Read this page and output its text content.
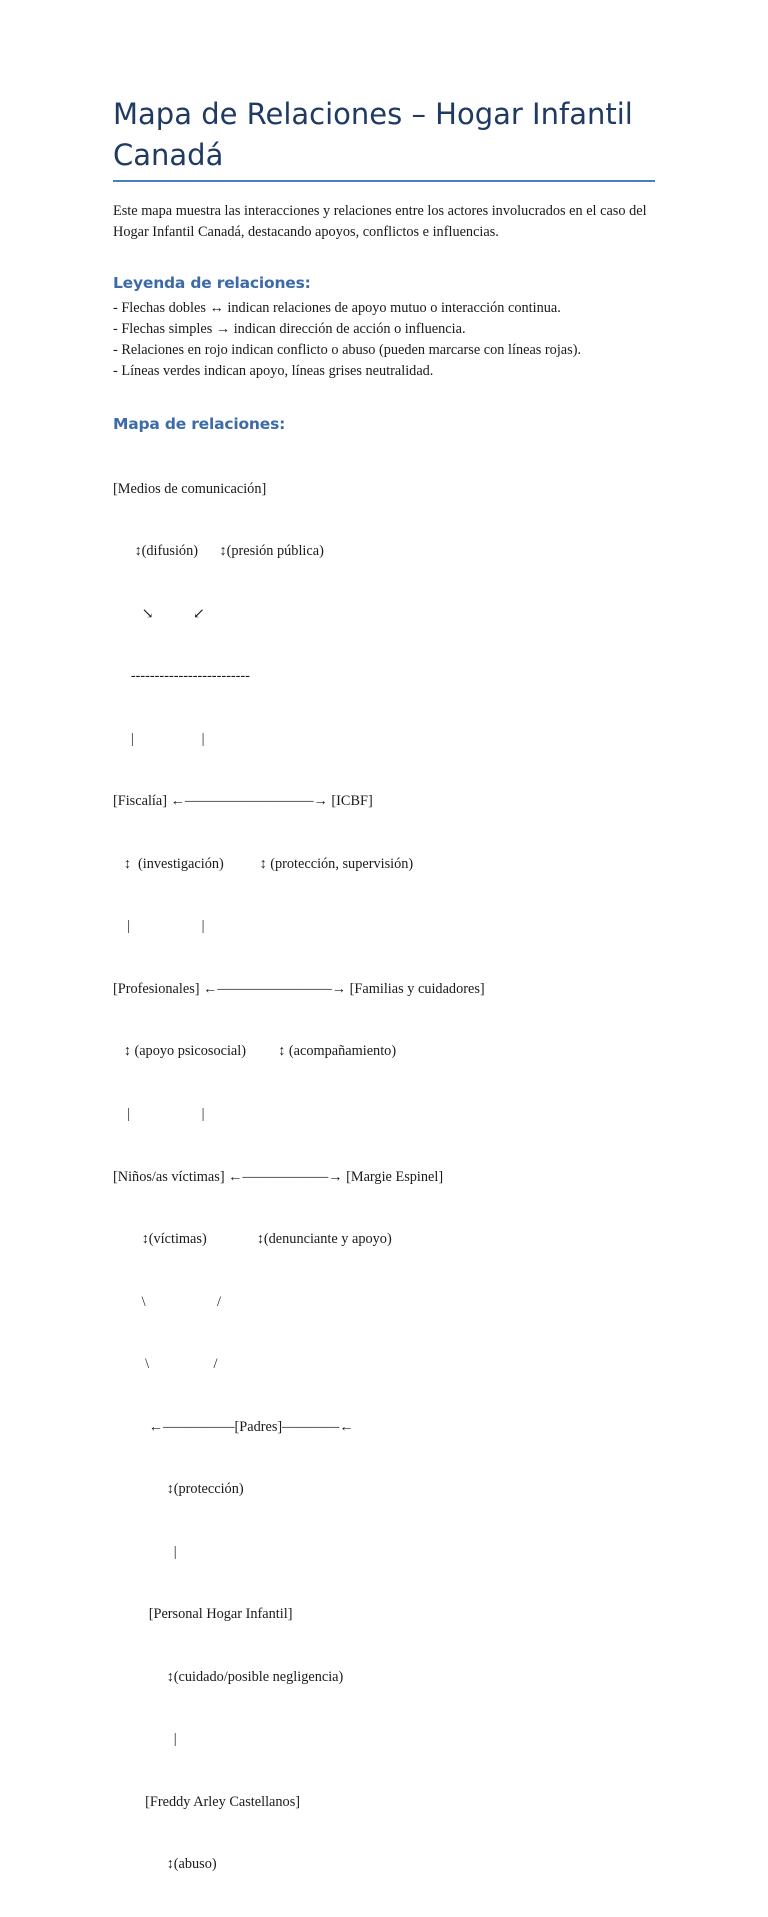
Mapa de Relaciones – Hogar Infantil Canadá

Este mapa muestra las interacciones y relaciones entre los actores involucrados en el caso del Hogar Infantil Canadá, destacando apoyos, conflictos e influencias.

Leyenda de relaciones:
- Flechas dobles ↔ indican relaciones de apoyo mutuo o interacción continua.
- Flechas simples → indican dirección de acción o influencia.
- Relaciones en rojo indican conflicto o abuso (pueden marcarse con líneas rojas).
- Líneas verdes indican apoyo, líneas grises neutralidad.
Mapa de relaciones:

[Medios de comunicación]

↕(difusión)      ↕(presión pública)

↘           ↙

-------------------------

|                   |

[Fiscalía] ←—————————→ [ICBF]

↕  (investigación)          ↕ (protección, supervisión)

|                    |

[Profesionales] ←————————→ [Familias y cuidadores]

↕ (apoyo psicosocial)         ↕ (acompañamiento)

|                    |

[Niños/as víctimas] ←——————→ [Margie Espinel]

↕(víctimas)              ↕(denunciante y apoyo)

\                    /

\                  /

←—————[Padres]————←

↕(protección)

|

[Personal Hogar Infantil]

↕(cuidado/posible negligencia)

|

[Freddy Arley Castellanos]

↕(abuso)
